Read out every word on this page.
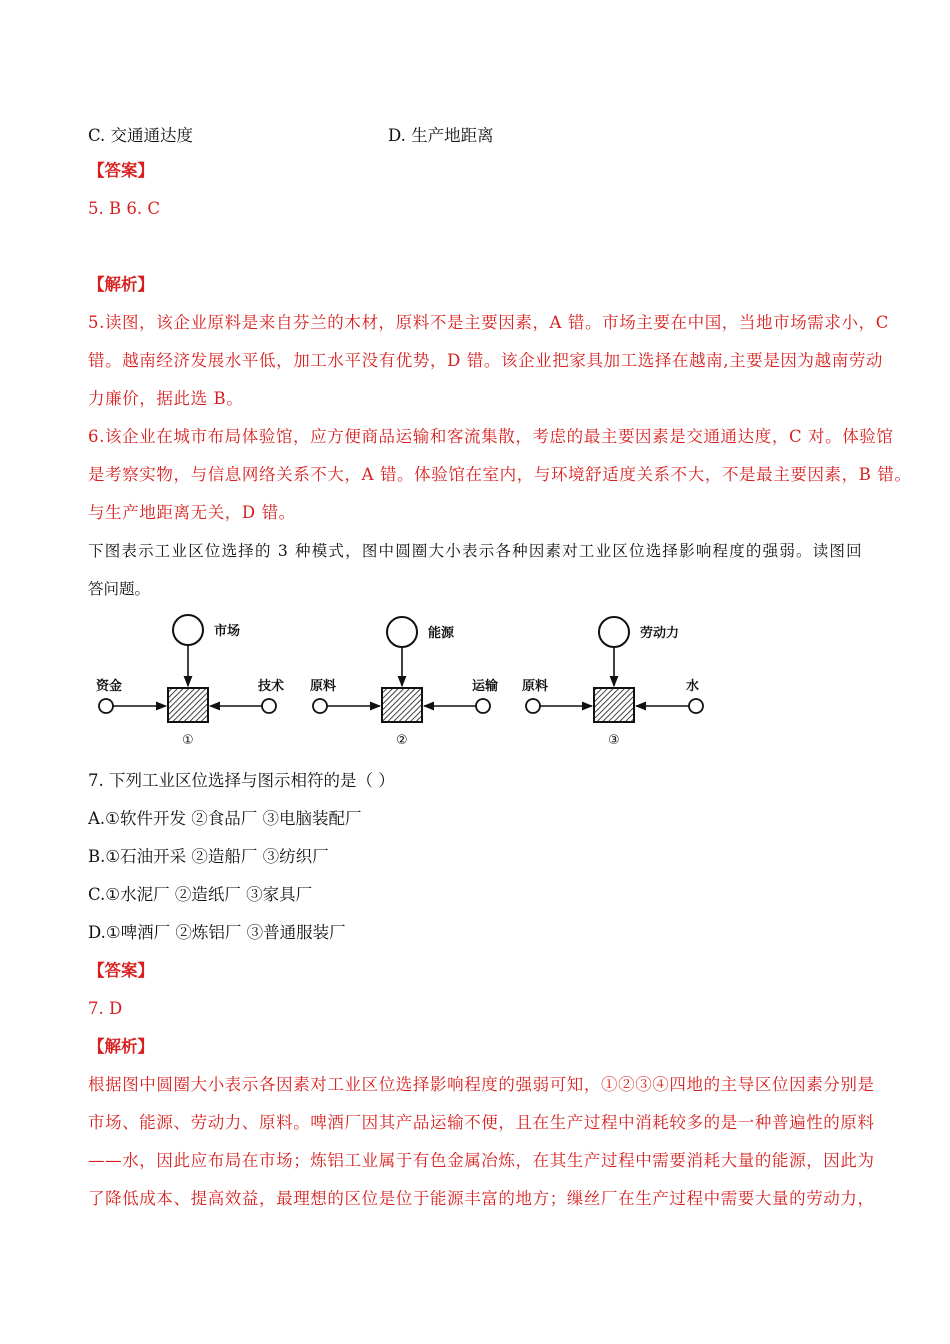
C. 交通通达度	D. 生产地距离
【答案】
5. B 6. C
【解析】
5.读图，该企业原料是来自芬兰的木材，原料不是主要因素，A 错。市场主要在中国，当地市场需求小，C
错。越南经济发展水平低，加工水平没有优势，D 错。该企业把家具加工选择在越南,主要是因为越南劳动
力廉价，据此选 B。
6.该企业在城市布局体验馆，应方便商品运输和客流集散，考虑的最主要因素是交通通达度，C 对。体验馆
是考察实物，与信息网络关系不大，A 错。体验馆在室内，与环境舒适度关系不大，不是最主要因素，B 错。
与生产地距离无关，D 错。
下图表示工业区位选择的 3 种模式，图中圆圈大小表示各种因素对工业区位选择影响程度的强弱。读图回
答问题。
市场
资金	技术
①
能源
原料	运输
②
劳动力
原料	水
③
7. 下列工业区位选择与图示相符的是（ ）
A.①软件开发 ②食品厂 ③电脑装配厂
B.①石油开采 ②造船厂 ③纺织厂
C.①水泥厂 ②造纸厂 ③家具厂
D.①啤酒厂 ②炼铝厂 ③普通服装厂
【答案】
7. D
【解析】
根据图中圆圈大小表示各因素对工业区位选择影响程度的强弱可知，①②③④四地的主导区位因素分别是
市场、能源、劳动力、原料。啤酒厂因其产品运输不便，且在生产过程中消耗较多的是一种普遍性的原料
——水，因此应布局在市场；炼铝工业属于有色金属冶炼，在其生产过程中需要消耗大量的能源，因此为
了降低成本、提高效益，最理想的区位是位于能源丰富的地方；缫丝厂在生产过程中需要大量的劳动力，
